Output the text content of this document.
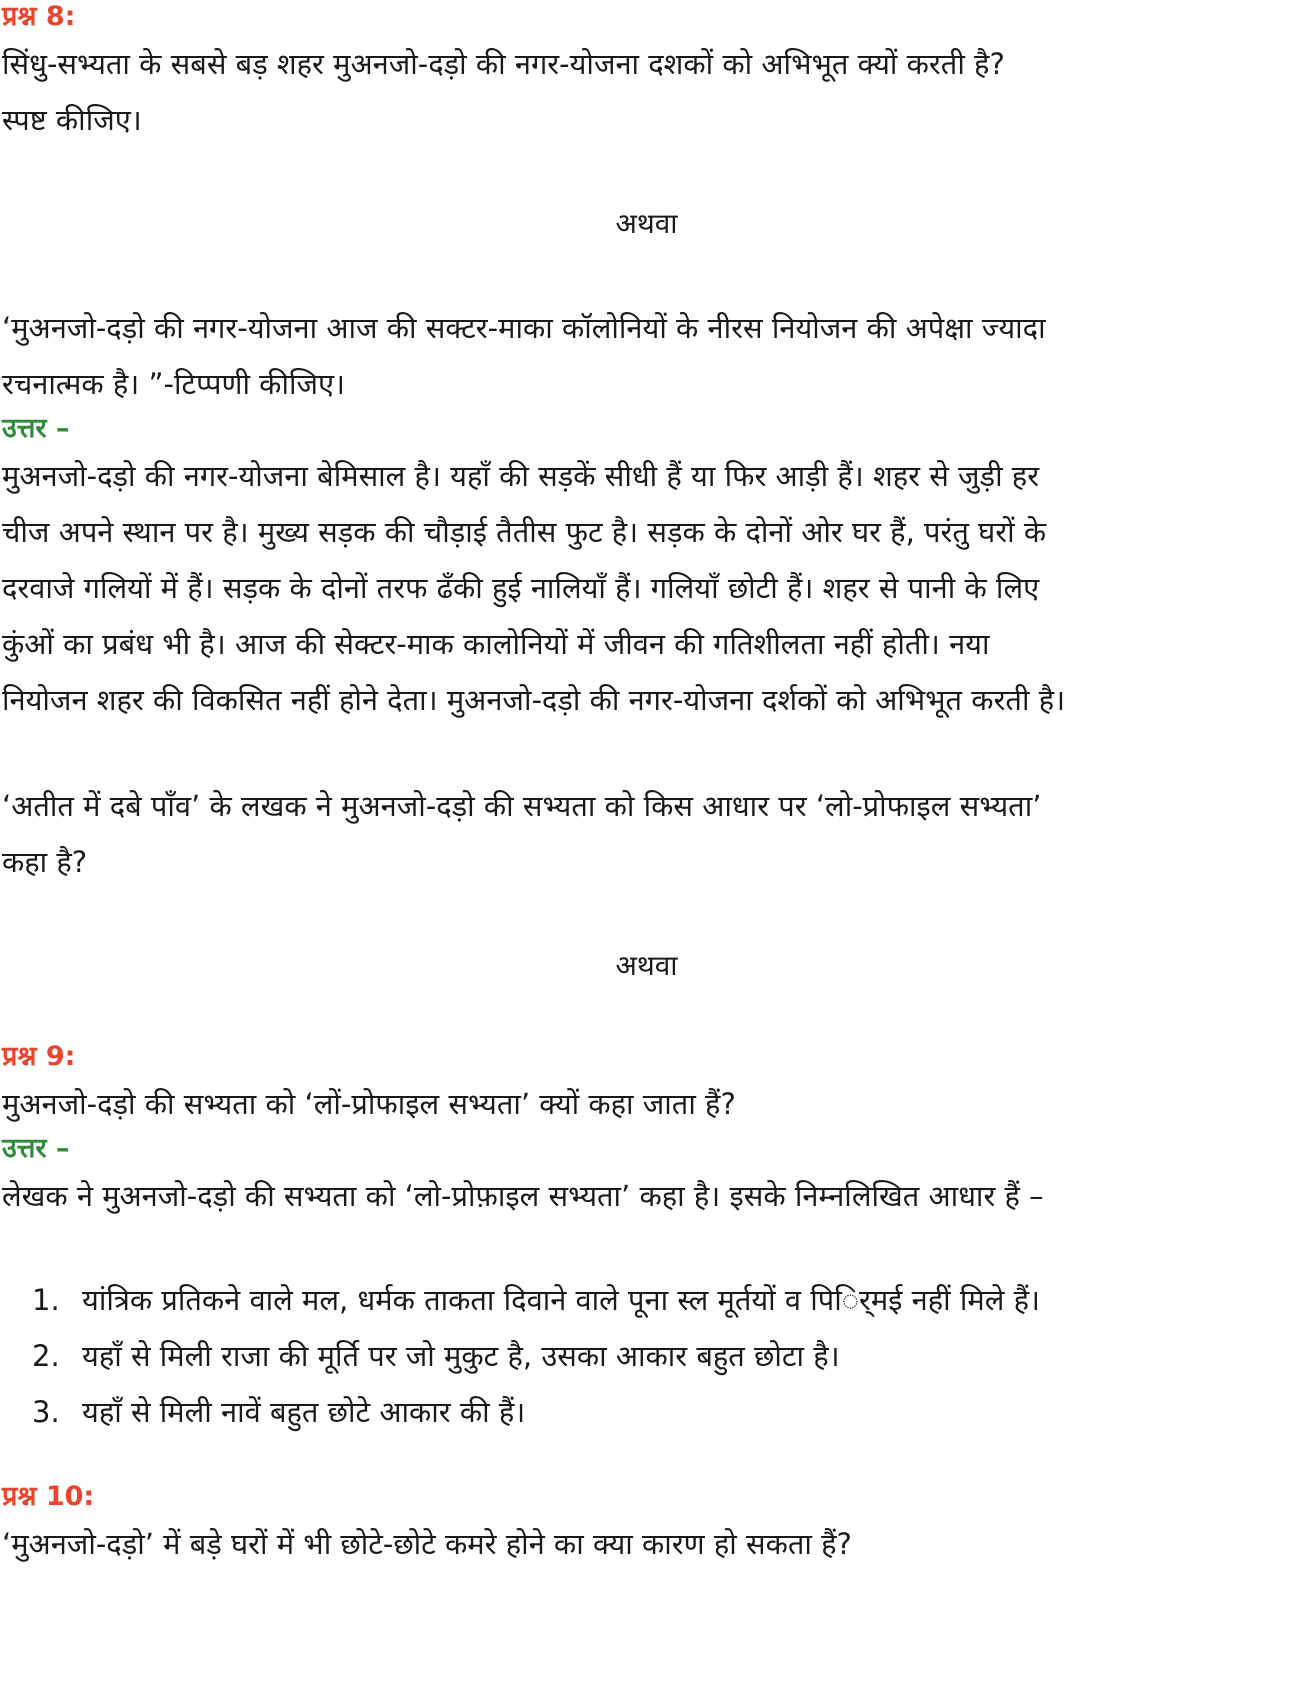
प्रश्न 8:

सिंधु-सभ्यता के सबसे बड़ शहर मुअनजो-दड़ो की नगर-योजना दशकों को अभिभूत क्यों करती है?

स्पष्ट कीजिए।

अथवा

‘मुअनजो-दड़ो की नगर-योजना आज की सक्टर-माका कॉलोनियों के नीरस नियोजन की अपेक्षा ज्यादा

रचनात्मक है। ”-टिप्पणी कीजिए।

उत्तर –

मुअनजो-दड़ो की नगर-योजना बेमिसाल है। यहाँ की सड़कें सीधी हैं या फिर आड़ी हैं। शहर से जुड़ी हर

चीज अपने स्थान पर है। मुख्य सड़क की चौड़ाई तैतीस फुट है। सड़क के दोनों ओर घर हैं, परंतु घरों के

दरवाजे गलियों में हैं। सड़क के दोनों तरफ ढँकी हुई नालियाँ हैं। गलियाँ छोटी हैं। शहर से पानी के लिए

कुंओं का प्रबंध भी है। आज की सेक्टर-माक कालोनियों में जीवन की गतिशीलता नहीं होती। नया

नियोजन शहर की विकसित नहीं होने देता। मुअनजो-दड़ो की नगर-योजना दर्शकों को अभिभूत करती है।

‘अतीत में दबे पाँव’ के लखक ने मुअनजो-दड़ो की सभ्यता को किस आधार पर ‘लो-प्रोफाइल सभ्यता’

कहा है?

अथवा

प्रश्न 9:

मुअनजो-दड़ो की सभ्यता को ‘लों-प्रोफाइल सभ्यता’ क्यों कहा जाता हैं?

उत्तर –

लेखक ने मुअनजो-दड़ो की सभ्यता को ‘लो-प्रोफ़ाइल सभ्यता’ कहा है। इसके निम्नलिखित आधार हैं –

1. यांत्रिक प्रतिकने वाले मल, धर्मक ताकता दिवाने वाले पूना स्ल मूर्तयों व पिर्िमई नहीं मिले हैं।
2. यहाँ से मिली राजा की मूर्ति पर जो मुकुट है, उसका आकार बहुत छोटा है।
3. यहाँ से मिली नावें बहुत छोटे आकार की हैं।

प्रश्न 10:

‘मुअनजो-दड़ो’ में बड़े घरों में भी छोटे-छोटे कमरे होने का क्या कारण हो सकता हैं?
